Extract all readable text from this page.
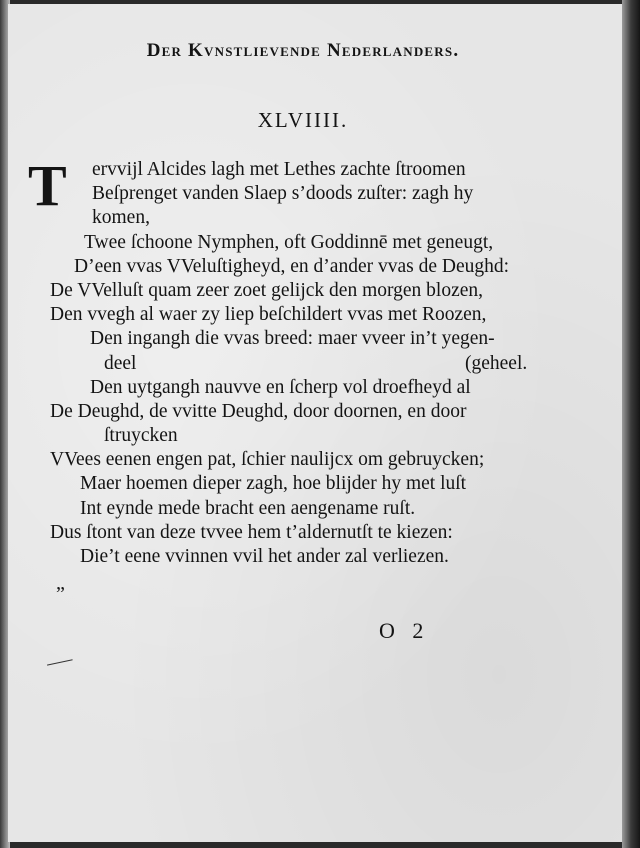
Der Kvnstlievende Nederlanders.
XLVIIII.
T	ervvijl Alcides lagh met Lethes zachte ſtroomen
Beſprenget vanden Slaep s’doods zuſter: zagh hy
komen,
Twee ſchoone Nymphen, oft Goddinnē met geneugt,
D’een vvas VVeluſtigheyd, en d’ander vvas de Deughd:
De VVelluſt quam zeer zoet gelijck den morgen blozen,
Den vvegh al waer zy liep beſchildert vvas met Roozen,
Den ingangh die vvas breed: maer vveer in’t yegen-
deel	(geheel.
Den uytgangh nauvve en ſcherp vol droefheyd al
De Deughd, de vvitte Deughd, door doornen, en door
ſtruycken
VVees eenen engen pat, ſchier naulijcx om gebruycken;
Maer hoemen dieper zagh, hoe blijder hy met luſt
Int eynde mede bracht een aengename ruſt.
Dus ſtont van deze tvvee hem t’aldernutſt te kiezen:
Die’t eene vvinnen vvil het ander zal verliezen.
„
O 2
